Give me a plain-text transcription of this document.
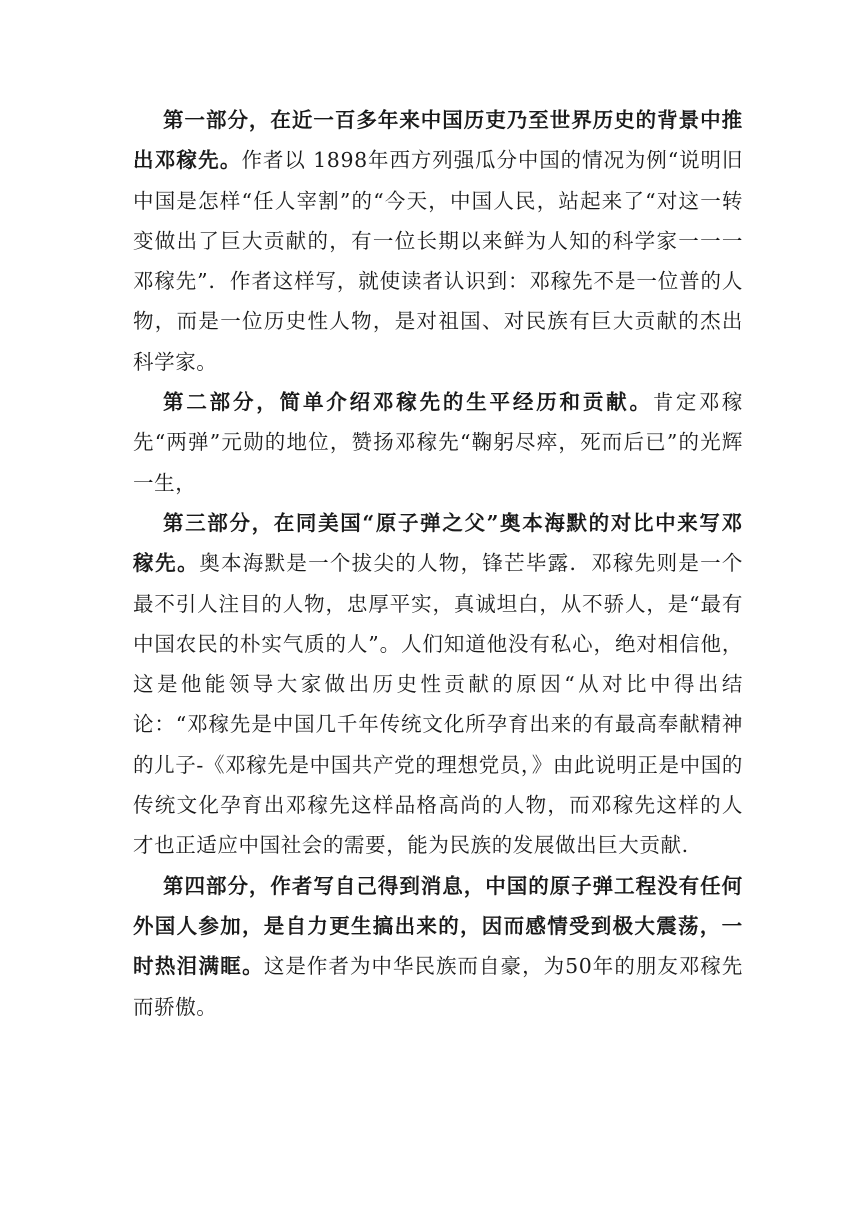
第一部分，在近一百多年来中国历吏乃至世界历史的背景中推出邓稼先。作者以 1898年西方列强瓜分中国的情况为例“说明旧中国是怎样“任人宰割”的“今天，中国人民，站起来了“对这一转变做出了巨大贡献的，有一位长期以来鲜为人知的科学家一一一邓稼先”．作者这样写，就使读者认识到：邓稼先不是一位普的人物，而是一位历史性人物，是对祖国、对民族有巨大贡献的杰出科学家。

第二部分，简单介绍邓稼先的生平经历和贡献。肯定邓稼先“两弹”元勋的地位，赞扬邓稼先“鞠躬尽瘁，死而后已”的光辉一生，

第三部分，在同美国“原子弹之父”奥本海默的对比中来写邓稼先。奥本海默是一个拔尖的人物，锋芒毕露．邓稼先则是一个最不引人注目的人物，忠厚平实，真诚坦白，从不骄人，是“最有中国农民的朴实气质的人”。人们知道他没有私心，绝对相信他，这是他能领导大家做出历史性贡献的原因“从对比中得出结论：“邓稼先是中国几千年传统文化所孕育出来的有最高奉献精神的儿子-《邓稼先是中国共产党的理想党员，》由此说明正是中国的传统文化孕育出邓稼先这样品格高尚的人物，而邓稼先这样的人才也正适应中国社会的需要，能为民族的发展做出巨大贡献.

第四部分，作者写自己得到消息，中国的原子弹工程没有任何外国人参加，是自力更生搞出来的，因而感情受到极大震荡，一时热泪满眶。这是作者为中华民族而自豪，为50年的朋友邓稼先而骄傲。
